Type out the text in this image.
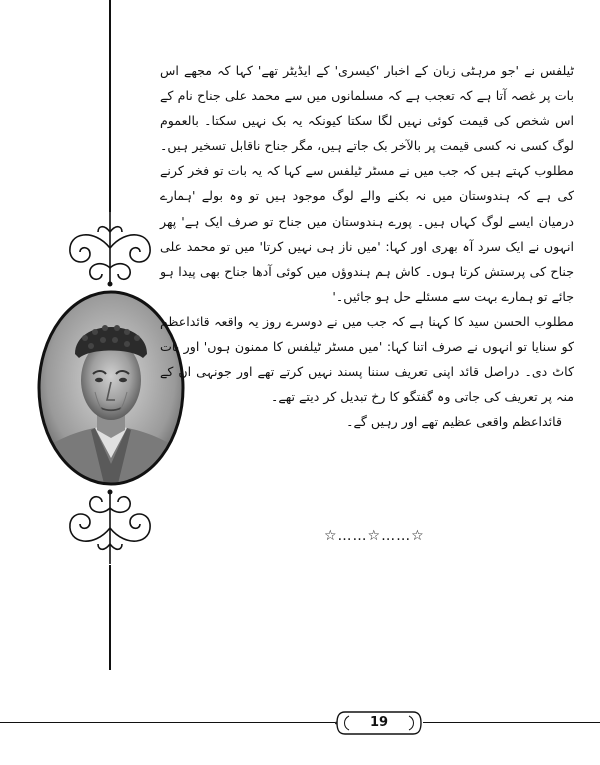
ٹیلفس نے 'جو مرہٹی زبان کے اخبار 'کیسری' کے ایڈیٹر تھے' کہا کہ مجھے اس بات پر غصہ آتا ہے کہ تعجب ہے کہ مسلمانوں میں سے محمد علی جناح نام کے اس شخص کی قیمت کوئی نہیں لگا سکتا کیونکہ یہ بک نہیں سکتا۔ بالعموم لوگ کسی نہ کسی قیمت پر بالآخر بک جاتے ہیں، مگر جناح ناقابل تسخیر ہیں۔ مطلوب کہتے ہیں کہ جب میں نے مسٹر ٹیلفس سے کہا کہ یہ بات تو فخر کرنے کی ہے کہ ہندوستان میں نہ بکنے والے لوگ موجود ہیں تو وہ بولے 'ہمارے درمیان ایسے لوگ کہاں ہیں۔ پورے ہندوستان میں جناح تو صرف ایک ہے' پھر انہوں نے ایک سرد آہ بھری اور کہا: 'میں ناز ہی نہیں کرتا' میں تو محمد علی جناح کی پرستش کرتا ہوں۔ کاش ہم ہندوؤں میں کوئی آدھا جناح بھی پیدا ہو جائے تو ہمارے بہت سے مسئلے حل ہو جائیں۔'

مطلوب الحسن سید کا کہنا ہے کہ جب میں نے دوسرے روز یہ واقعہ قائداعظم کو سنایا تو انہوں نے صرف اتنا کہا: 'میں مسٹر ٹیلفس کا ممنون ہوں' اور بات کاٹ دی۔ دراصل قائد اپنی تعریف سننا پسند نہیں کرتے تھے اور جونہی ان کے منہ پر تعریف کی جاتی وہ گفتگو کا رخ تبدیل کر دیتے تھے۔

قائداعظم واقعی عظیم تھے اور رہیں گے۔

☆……☆……☆
19
